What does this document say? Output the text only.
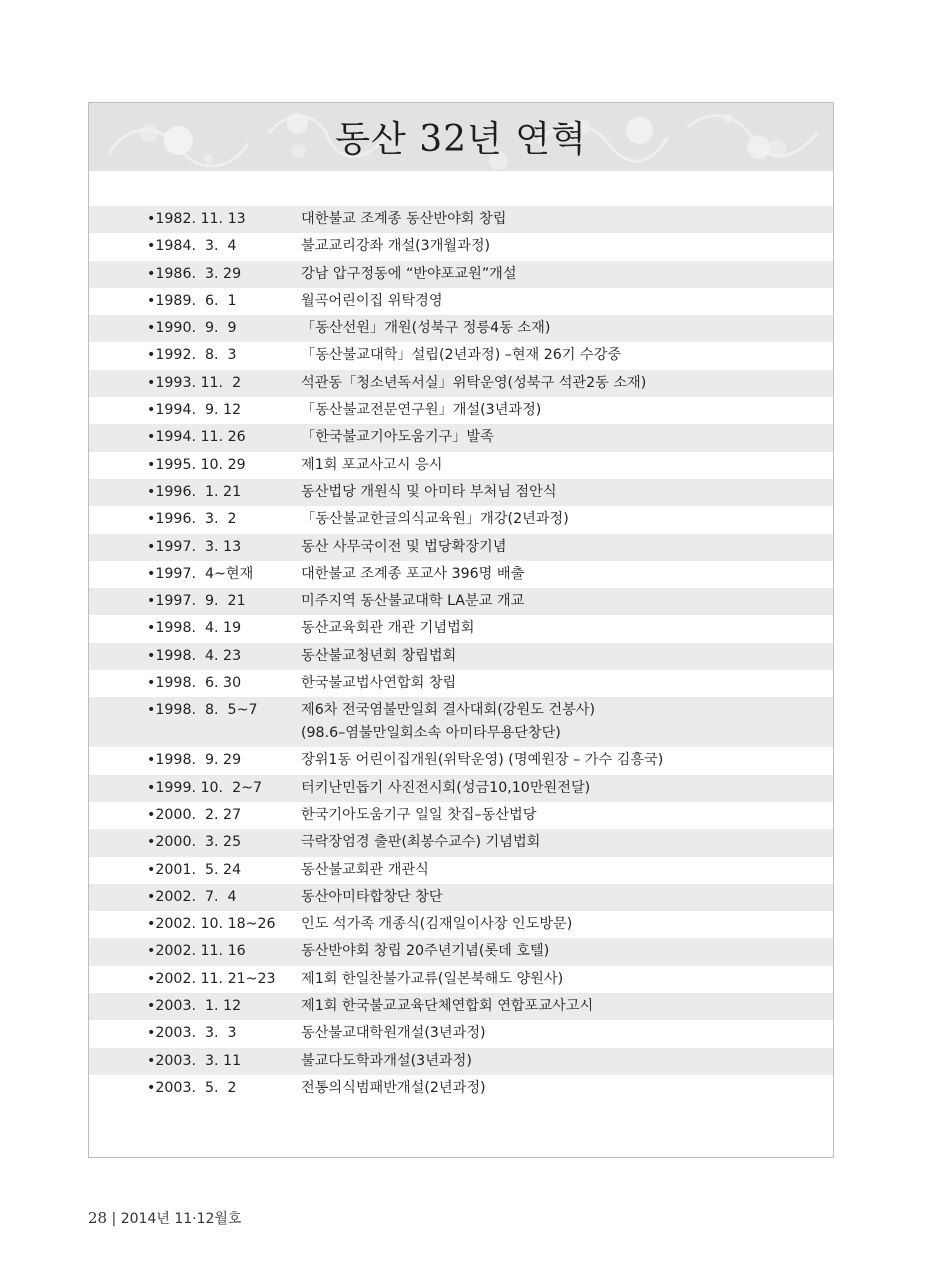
동산 32년 연혁
•1982. 11. 13	대한불교 조계종 동산반야회 창립
•1984.  3.  4	불교교리강좌 개설(3개월과정)
•1986.  3. 29	강남 압구정동에 “반야포교원”개설
•1989.  6.  1	월곡어린이집 위탁경영
•1990.  9.  9	「동산선원」개원(성북구 정릉4동 소재)
•1992.  8.  3	「동산불교대학」설립(2년과정) –현재 26기 수강중
•1993. 11.  2	석관동「청소년독서실」위탁운영(성북구 석관2동 소재)
•1994.  9. 12	「동산불교전문연구원」개설(3년과정)
•1994. 11. 26	「한국불교기아도움기구」발족
•1995. 10. 29	제1회 포교사고시 응시
•1996.  1. 21	동산법당 개원식 및 아미타 부처님 점안식
•1996.  3.  2	「동산불교한글의식교육원」개강(2년과정)
•1997.  3. 13	동산 사무국이전 및 법당확장기념
•1997.  4~현재	대한불교 조계종 포교사 396명 배출
•1997.  9.  21	미주지역 동산불교대학 LA분교 개교
•1998.  4. 19	동산교육회관 개관 기념법회
•1998.  4. 23	동산불교청년회 창립법회
•1998.  6. 30	한국불교법사연합회 창립
•1998.  8.  5~7	제6차 전국염불만일회 결사대회(강원도 건봉사)
(98.6–염불만일회소속 아미타무용단창단)
•1998.  9. 29	장위1동 어린이집개원(위탁운영) (명예원장 – 가수 김흥국)
•1999. 10.  2~7	터키난민돕기 사진전시회(성금10,10만원전달)
•2000.  2. 27	한국기아도움기구 일일 찻집–동산법당
•2000.  3. 25	극락장엄경 출판(최봉수교수) 기념법회
•2001.  5. 24	동산불교회관 개관식
•2002.  7.  4	동산아미타합창단 창단
•2002. 10. 18~26 인도 석가족 개종식(김재일이사장 인도방문)
•2002. 11. 16	동산반야회 창립 20주년기념(롯데 호텔)
•2002. 11. 21~23 제1회 한일찬불가교류(일본북해도 양원사)
•2003.  1. 12	제1회 한국불교교육단체연합회 연합포교사고시
•2003.  3.  3	동산불교대학원개설(3년과정)
•2003.  3. 11	불교다도학과개설(3년과정)
•2003.  5.  2	전통의식범패반개설(2년과정)
28 | 2014년 11·12월호
